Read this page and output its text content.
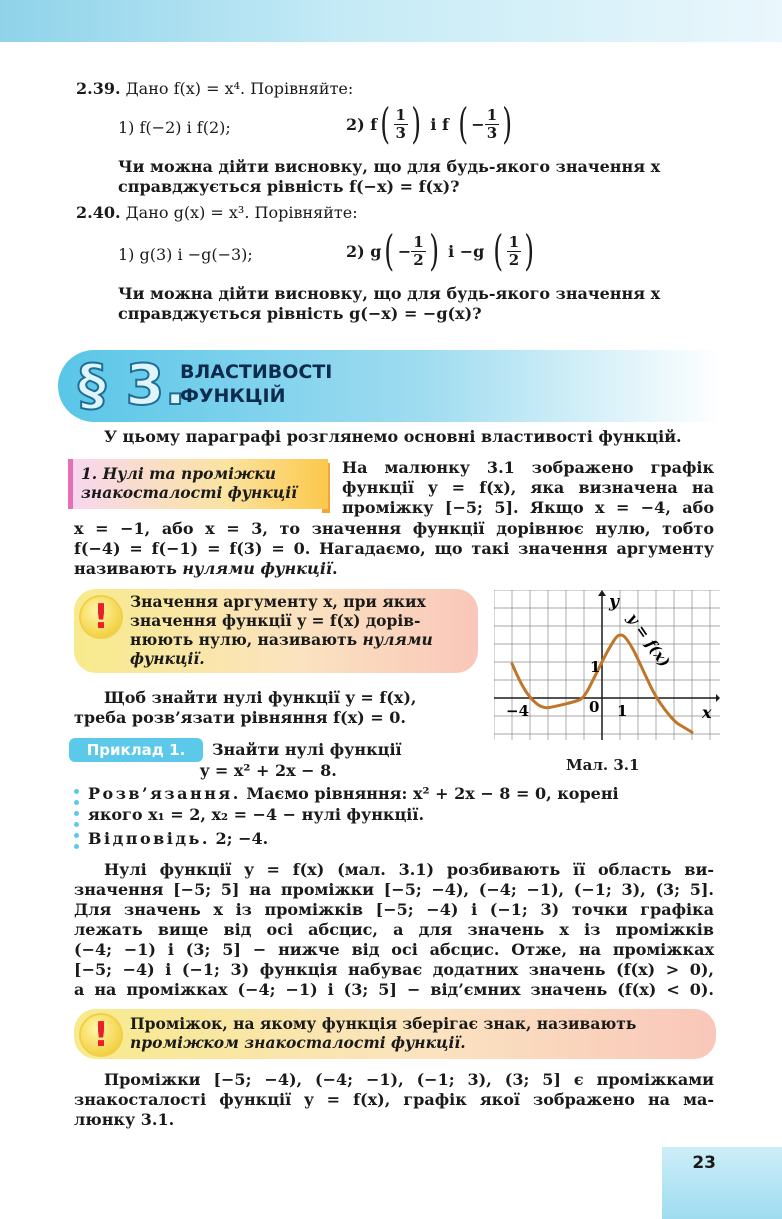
2.39. Дано f(x) = x⁴. Порівняйте:
1) f(−2) і f(2);	2) f ( $\frac{1}{3}$ ) і f ( − $\frac{1}{3}$ )
Чи можна дійти висновку, що для будь-якого значення x
справджується рівність f(−x) = f(x)?
2.40. Дано g(x) = x³. Порівняйте:
1) g(3) і −g(−3);	2) g ( − $\frac{1}{2}$ ) і −g ( $\frac{1}{2}$ )
Чи можна дійти висновку, що для будь-якого значення x
справджується рівність g(−x) = −g(x)?
§ 3.
ВЛАСТИВОСТІ
ФУНКЦІЙ
У цьому параграфі розглянемо основні властивості функцій.
1. Нулі та проміжки
знакосталості функції
На малюнку 3.1 зображено графік
функції y = f(x), яка визначена на
проміжку [−5; 5]. Якщо x = −4, або
x = −1, або x = 3, то значення функції дорівнює нулю, тобто
f(−4) = f(−1) = f(3) = 0. Нагадаємо, що такі значення аргументу
називають нулями функції.
!	Значення аргументу x, при яких
значення функції y = f(x) дорів-
нюють нулю, називають нулями
функції.
y
x
−4	0 1
1 y = f(x)
Мал. 3.1
Щоб знайти нулі функції y = f(x),
треба розв’язати рівняння f(x) = 0.
Приклад 1.	Знайти нулі функції
y = x² + 2x − 8.
Розв’язання. Маємо рівняння: x² + 2x − 8 = 0, корені
якого x₁ = 2, x₂ = −4 − нулі функції.
Відповідь. 2; −4.
Нулі функції y = f(x) (мал. 3.1) розбивають її область ви-
значення [−5; 5] на проміжки [−5; −4), (−4; −1), (−1; 3), (3; 5].
Для значень x із проміжків [−5; −4) і (−1; 3) точки графіка
лежать вище від осі абсцис, а для значень x із проміжків
(−4; −1) і (3; 5] − нижче від осі абсцис. Отже, на проміжках
[−5; −4) і (−1; 3) функція набуває додатних значень (f(x) > 0),
а на проміжках (−4; −1) і (3; 5] − від’ємних значень (f(x) < 0).
!	Проміжок, на якому функція зберігає знак, називають
проміжком знакосталості функції.
Проміжки [−5; −4), (−4; −1), (−1; 3), (3; 5] є проміжками
знакосталості функції y = f(x), графік якої зображено на ма-
люнку 3.1.
23
